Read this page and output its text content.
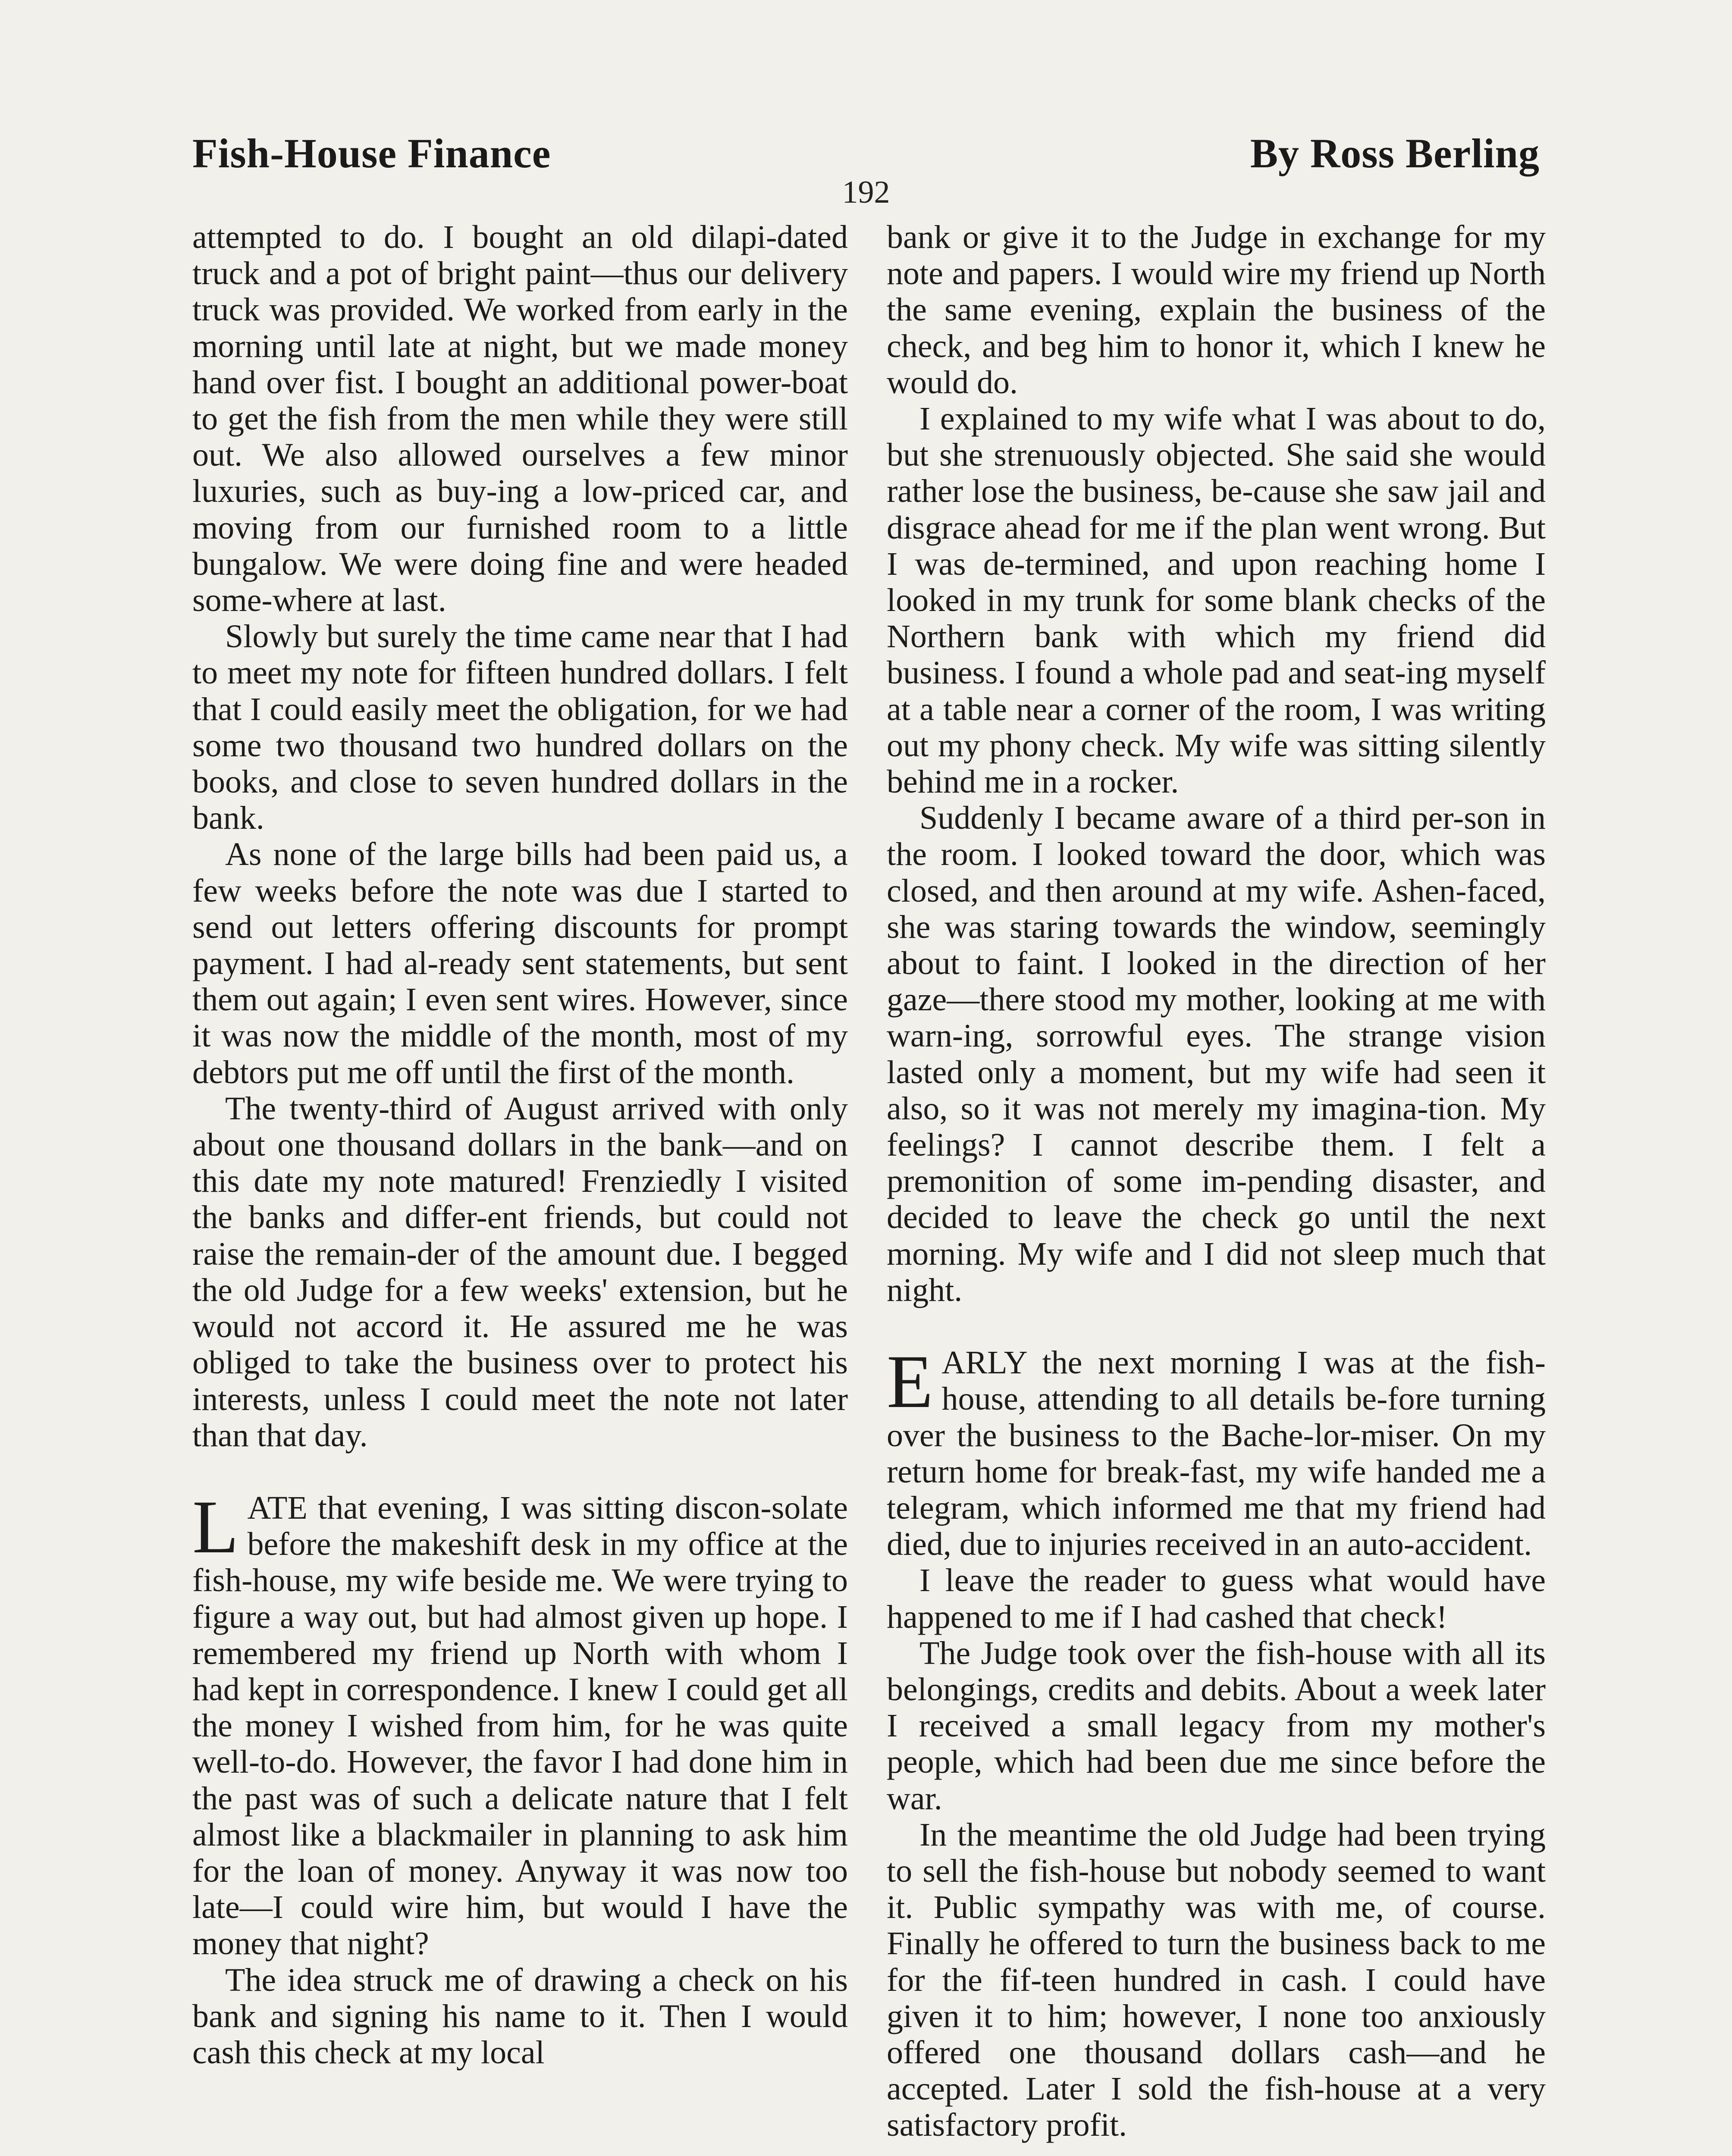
Fish-House Finance	By Ross Berling
192

attempted to do. I bought an old dilapi-dated truck and a pot of bright paint—thus our delivery truck was provided. We worked from early in the morning until late at night, but we made money hand over fist. I bought an additional power-boat to get the fish from the men while they were still out. We also allowed ourselves a few minor luxuries, such as buy-ing a low-priced car, and moving from our furnished room to a little bungalow. We were doing fine and were headed some-where at last.

Slowly but surely the time came near that I had to meet my note for fifteen hundred dollars. I felt that I could easily meet the obligation, for we had some two thousand two hundred dollars on the books, and close to seven hundred dollars in the bank.

As none of the large bills had been paid us, a few weeks before the note was due I started to send out letters offering discounts for prompt payment. I had al-ready sent statements, but sent them out again; I even sent wires. However, since it was now the middle of the month, most of my debtors put me off until the first of the month.

The twenty-third of August arrived with only about one thousand dollars in the bank—and on this date my note matured! Frenziedly I visited the banks and differ-ent friends, but could not raise the remain-der of the amount due. I begged the old Judge for a few weeks' extension, but he would not accord it. He assured me he was obliged to take the business over to protect his interests, unless I could meet the note not later than that day.

LATE that evening, I was sitting discon-solate before the makeshift desk in my office at the fish-house, my wife beside me. We were trying to figure a way out, but had almost given up hope. I remembered my friend up North with whom I had kept in correspondence. I knew I could get all the money I wished from him, for he was quite well-to-do. However, the favor I had done him in the past was of such a delicate nature that I felt almost like a blackmailer in planning to ask him for the loan of money. Anyway it was now too late—I could wire him, but would I have the money that night?

The idea struck me of drawing a check on his bank and signing his name to it. Then I would cash this check at my local

bank or give it to the Judge in exchange for my note and papers. I would wire my friend up North the same evening, explain the business of the check, and beg him to honor it, which I knew he would do.

I explained to my wife what I was about to do, but she strenuously objected. She said she would rather lose the business, be-cause she saw jail and disgrace ahead for me if the plan went wrong. But I was de-termined, and upon reaching home I looked in my trunk for some blank checks of the Northern bank with which my friend did business. I found a whole pad and seat-ing myself at a table near a corner of the room, I was writing out my phony check. My wife was sitting silently behind me in a rocker.

Suddenly I became aware of a third per-son in the room. I looked toward the door, which was closed, and then around at my wife. Ashen-faced, she was staring towards the window, seemingly about to faint. I looked in the direction of her gaze—there stood my mother, looking at me with warn-ing, sorrowful eyes. The strange vision lasted only a moment, but my wife had seen it also, so it was not merely my imagina-tion. My feelings? I cannot describe them. I felt a premonition of some im-pending disaster, and decided to leave the check go until the next morning. My wife and I did not sleep much that night.

EARLY the next morning I was at the fish-house, attending to all details be-fore turning over the business to the Bache-lor-miser. On my return home for break-fast, my wife handed me a telegram, which informed me that my friend had died, due to injuries received in an auto-accident.

I leave the reader to guess what would have happened to me if I had cashed that check!

The Judge took over the fish-house with all its belongings, credits and debits. About a week later I received a small legacy from my mother's people, which had been due me since before the war.

In the meantime the old Judge had been trying to sell the fish-house but nobody seemed to want it. Public sympathy was with me, of course. Finally he offered to turn the business back to me for the fif-teen hundred in cash. I could have given it to him; however, I none too anxiously offered one thousand dollars cash—and he accepted. Later I sold the fish-house at a very satisfactory profit.
